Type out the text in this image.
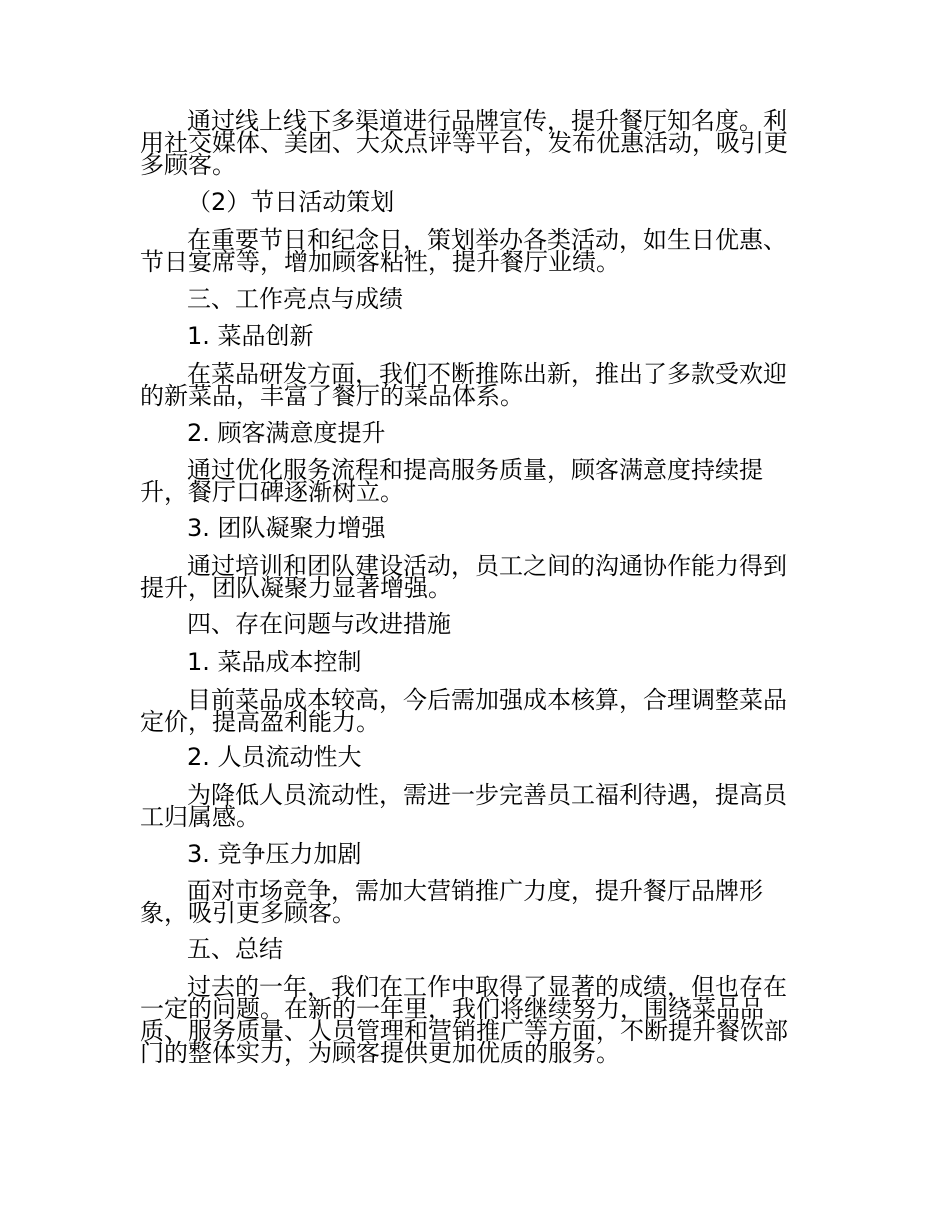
通过线上线下多渠道进行品牌宣传，提升餐厅知名度。利
用社交媒体、美团、大众点评等平台，发布优惠活动，吸引更
多顾客。

（2）节日活动策划

在重要节日和纪念日，策划举办各类活动，如生日优惠、
节日宴席等，增加顾客粘性，提升餐厅业绩。

三、工作亮点与成绩

1. 菜品创新

在菜品研发方面，我们不断推陈出新，推出了多款受欢迎
的新菜品，丰富了餐厅的菜品体系。

2. 顾客满意度提升

通过优化服务流程和提高服务质量，顾客满意度持续提
升，餐厅口碑逐渐树立。

3. 团队凝聚力增强

通过培训和团队建设活动，员工之间的沟通协作能力得到
提升，团队凝聚力显著增强。

四、存在问题与改进措施

1. 菜品成本控制

目前菜品成本较高，今后需加强成本核算，合理调整菜品
定价，提高盈利能力。

2. 人员流动性大

为降低人员流动性，需进一步完善员工福利待遇，提高员
工归属感。

3. 竞争压力加剧

面对市场竞争，需加大营销推广力度，提升餐厅品牌形
象，吸引更多顾客。

五、总结

过去的一年，我们在工作中取得了显著的成绩，但也存在
一定的问题。在新的一年里，我们将继续努力，围绕菜品品
质、服务质量、人员管理和营销推广等方面，不断提升餐饮部
门的整体实力，为顾客提供更加优质的服务。
